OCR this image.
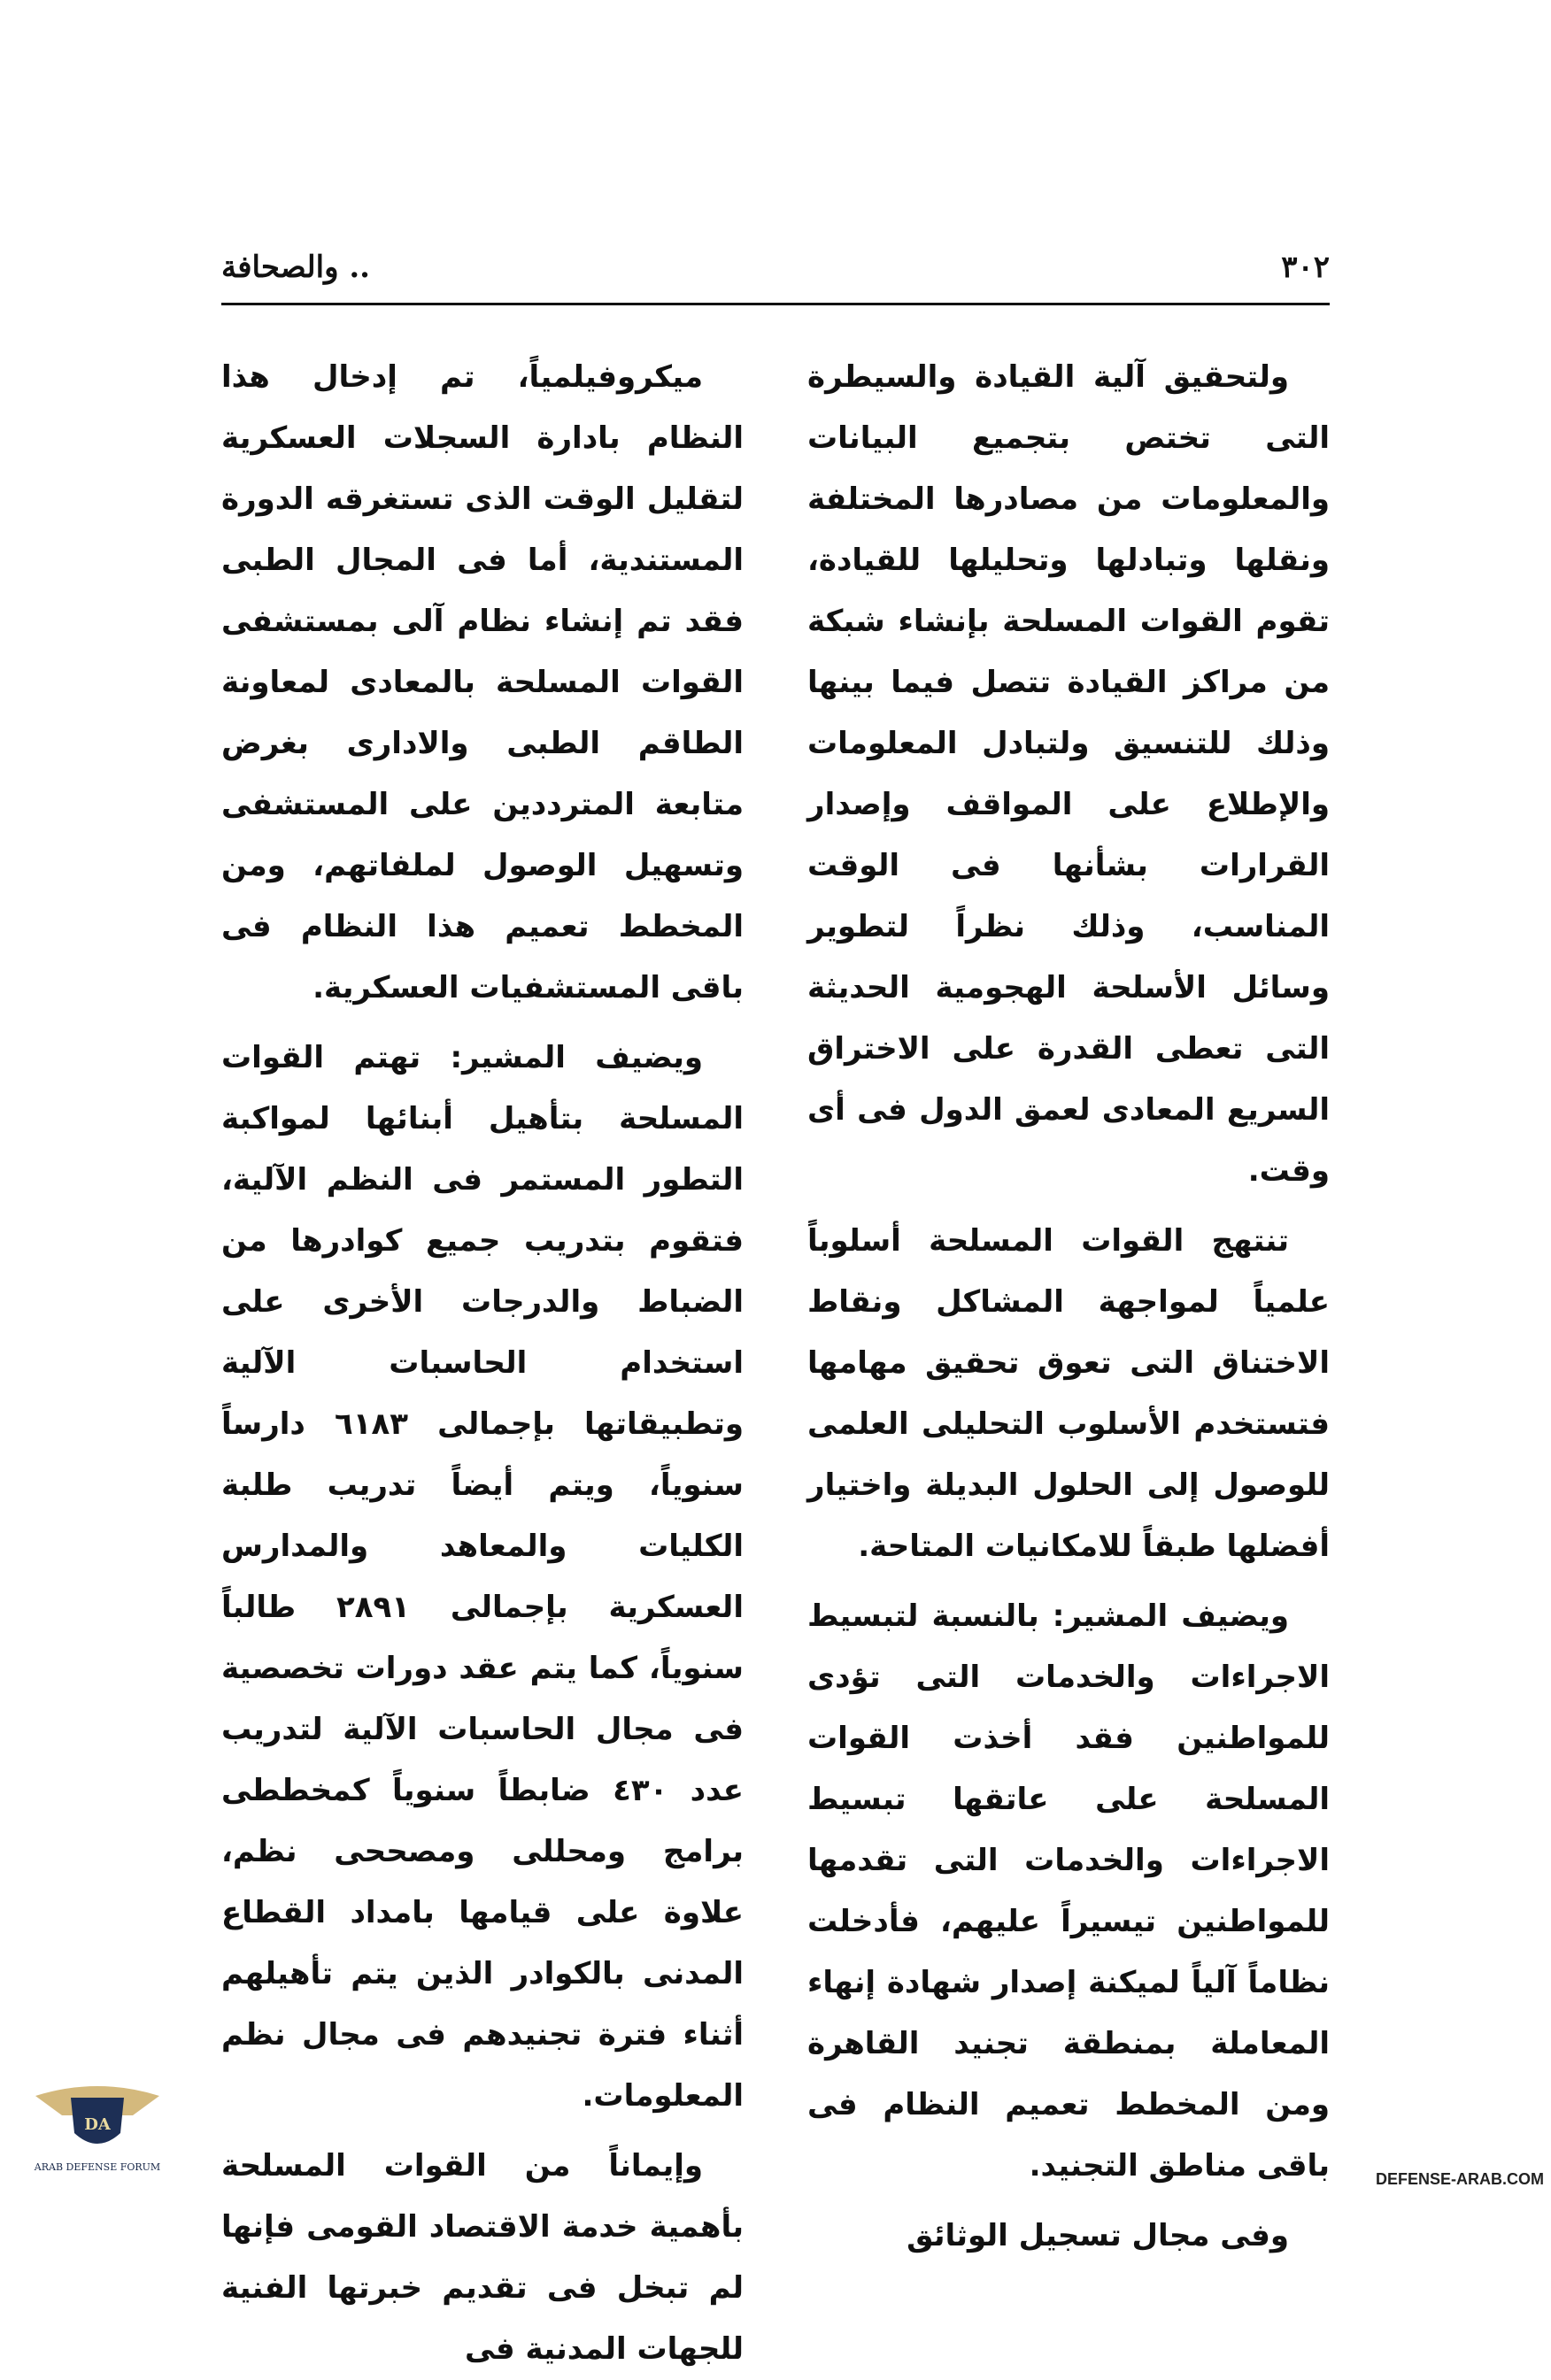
٣٠٢
.. والصحافة

ولتحقيق آلية القيادة والسيطرة التى تختص بتجميع البيانات والمعلومات من مصادرها المختلفة ونقلها وتبادلها وتحليلها للقيادة، تقوم القوات المسلحة بإنشاء شبكة من مراكز القيادة تتصل فيما بينها وذلك للتنسيق ولتبادل المعلومات والإطلاع على المواقف وإصدار القرارات بشأنها فى الوقت المناسب، وذلك نظراً لتطوير وسائل الأسلحة الهجومية الحديثة التى تعطى القدرة على الاختراق السريع المعادى لعمق الدول فى أى وقت.

تنتهج القوات المسلحة أسلوباً علمياً لمواجهة المشاكل ونقاط الاختناق التى تعوق تحقيق مهامها فتستخدم الأسلوب التحليلى العلمى للوصول إلى الحلول البديلة واختيار أفضلها طبقاً للامكانيات المتاحة.

ويضيف المشير: بالنسبة لتبسيط الاجراءات والخدمات التى تؤدى للمواطنين فقد أخذت القوات المسلحة على عاتقها تبسيط الاجراءات والخدمات التى تقدمها للمواطنين تيسيراً عليهم، فأدخلت نظاماً آلياً لميكنة إصدار شهادة إنهاء المعاملة بمنطقة تجنيد القاهرة ومن المخطط تعميم النظام فى باقى مناطق التجنيد.

وفى مجال تسجيل الوثائق

ميكروفيلمياً، تم إدخال هذا النظام بادارة السجلات العسكرية لتقليل الوقت الذى تستغرقه الدورة المستندية، أما فى المجال الطبى فقد تم إنشاء نظام آلى بمستشفى القوات المسلحة بالمعادى لمعاونة الطاقم الطبى والادارى بغرض متابعة المترددين على المستشفى وتسهيل الوصول لملفاتهم، ومن المخطط تعميم هذا النظام فى باقى المستشفيات العسكرية.

ويضيف المشير: تهتم القوات المسلحة بتأهيل أبنائها لمواكبة التطور المستمر فى النظم الآلية، فتقوم بتدريب جميع كوادرها من الضباط والدرجات الأخرى على استخدام الحاسبات الآلية وتطبيقاتها بإجمالى ٦١٨٣ دارساً سنوياً، ويتم أيضاً تدريب طلبة الكليات والمعاهد والمدارس العسكرية بإجمالى ٢٨٩١ طالباً سنوياً، كما يتم عقد دورات تخصصية فى مجال الحاسبات الآلية لتدريب عدد ٤٣٠ ضابطاً سنوياً كمخططى برامج ومحللى ومصححى نظم، علاوة على قيامها بامداد القطاع المدنى بالكوادر الذين يتم تأهيلهم أثناء فترة تجنيدهم فى مجال نظم المعلومات.

وإيماناً من القوات المسلحة بأهمية خدمة الاقتصاد القومى فإنها لم تبخل فى تقديم خبرتها الفنية للجهات المدنية فى

DA
ARAB DEFENSE FORUM
DEFENSE-ARAB.COM
